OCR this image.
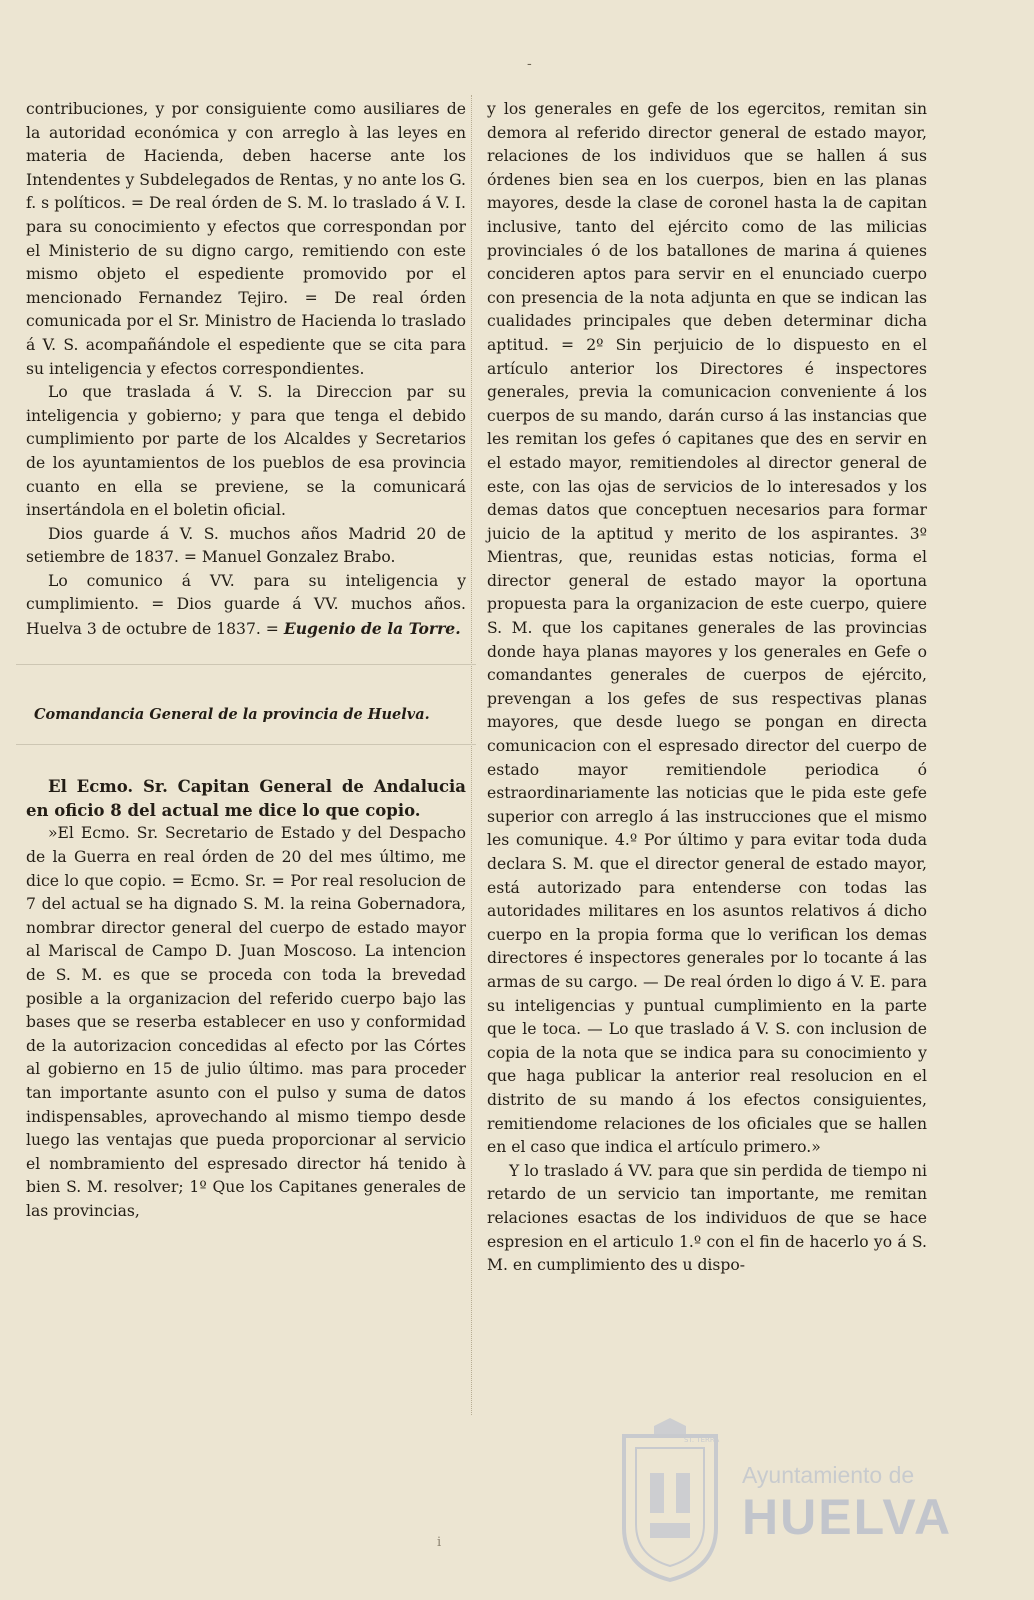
-

contribuciones, y por consiguiente como ausiliares de la autoridad económica y con arreglo à las leyes en materia de Hacienda, deben hacerse ante los Intendentes y Subdelegados de Rentas, y no ante los G. f. s políticos. = De real órden de S. M. lo traslado á V. I. para su conocimiento y efectos que correspondan por el Ministerio de su digno cargo, remitiendo con este mismo objeto el espediente promovido por el mencionado Fernandez Tejiro. = De real órden comunicada por el Sr. Ministro de Hacienda lo traslado á V. S. acompañándole el espediente que se cita para su inteligencia y efectos correspondientes.

Lo que traslada á V. S. la Direccion par su inteligencia y gobierno; y para que tenga el debido cumplimiento por parte de los Alcaldes y Secretarios de los ayuntamientos de los pueblos de esa provincia cuanto en ella se previene, se la comunicará insertándola en el boletin oficial.

Dios guarde á V. S. muchos años Madrid 20 de setiembre de 1837. = Manuel Gonzalez Brabo.

Lo comunico á VV. para su inteligencia y cumplimiento. = Dios guarde á VV. muchos años. Huelva 3 de octubre de 1837. = Eugenio de la Torre.

Comandancia General de la provincia de Huelva.

El Ecmo. Sr. Capitan General de Andalucia en oficio 8 del actual me dice lo que copio.

»El Ecmo. Sr. Secretario de Estado y del Despacho de la Guerra en real órden de 20 del mes último, me dice lo que copio. = Ecmo. Sr. = Por real resolucion de 7 del actual se ha dignado S. M. la reina Gobernadora, nombrar director general del cuerpo de estado mayor al Mariscal de Campo D. Juan Moscoso. La intencion de S. M. es que se proceda con toda la brevedad posible a la organizacion del referido cuerpo bajo las bases que se reserba establecer en uso y conformidad de la autorizacion concedidas al efecto por las Córtes al gobierno en 15 de julio último. mas para proceder tan importante asunto con el pulso y suma de datos indispensables, aprovechando al mismo tiempo desde luego las ventajas que pueda proporcionar al servicio el nombramiento del espresado director há tenido à bien S. M. resolver; 1º Que los Capitanes generales de las provincias,

y los generales en gefe de los egercitos, remitan sin demora al referido director general de estado mayor, relaciones de los individuos que se hallen á sus órdenes bien sea en los cuerpos, bien en las planas mayores, desde la clase de coronel hasta la de capitan inclusive, tanto del ejército como de las milicias provinciales ó de los batallones de marina á quienes concideren aptos para servir en el enunciado cuerpo con presencia de la nota adjunta en que se indican las cualidades principales que deben determinar dicha aptitud. = 2º Sin perjuicio de lo dispuesto en el artículo anterior los Directores é inspectores generales, previa la comunicacion conveniente á los cuerpos de su mando, darán curso á las instancias que les remitan los gefes ó capitanes que des en servir en el estado mayor, remitiendoles al director general de este, con las ojas de servicios de lo interesados y los demas datos que conceptuen necesarios para formar juicio de la aptitud y merito de los aspirantes. 3º Mientras, que, reunidas estas noticias, forma el director general de estado mayor la oportuna propuesta para la organizacion de este cuerpo, quiere S. M. que los capitanes generales de las provincias donde haya planas mayores y los generales en Gefe o comandantes generales de cuerpos de ejército, prevengan a los gefes de sus respectivas planas mayores, que desde luego se pongan en directa comunicacion con el espresado director del cuerpo de estado mayor remitiendole periodica ó estraordinariamente las noticias que le pida este gefe superior con arreglo á las instrucciones que el mismo les comunique. 4.º Por último y para evitar toda duda declara S. M. que el director general de estado mayor, está autorizado para entenderse con todas las autoridades militares en los asuntos relativos á dicho cuerpo en la propia forma que lo verifican los demas directores é inspectores generales por lo tocante á las armas de su cargo. — De real órden lo digo á V. E. para su inteligencias y puntual cumplimiento en la parte que le toca. — Lo que traslado á V. S. con inclusion de copia de la nota que se indica para su conocimiento y que haga publicar la anterior real resolucion en el distrito de su mando á los efectos consiguientes, remitiendome relaciones de los oficiales que se hallen en el caso que indica el artículo primero.»

Y lo traslado á VV. para que sin perdida de tiempo ni retardo de un servicio tan importante, me remitan relaciones esactas de los individuos de que se hace espresion en el articulo 1.º con el fin de hacerlo yo á S. M. en cumplimiento des u dispo-

i
ST. TERRA
Ayuntamiento de
HUELVA
